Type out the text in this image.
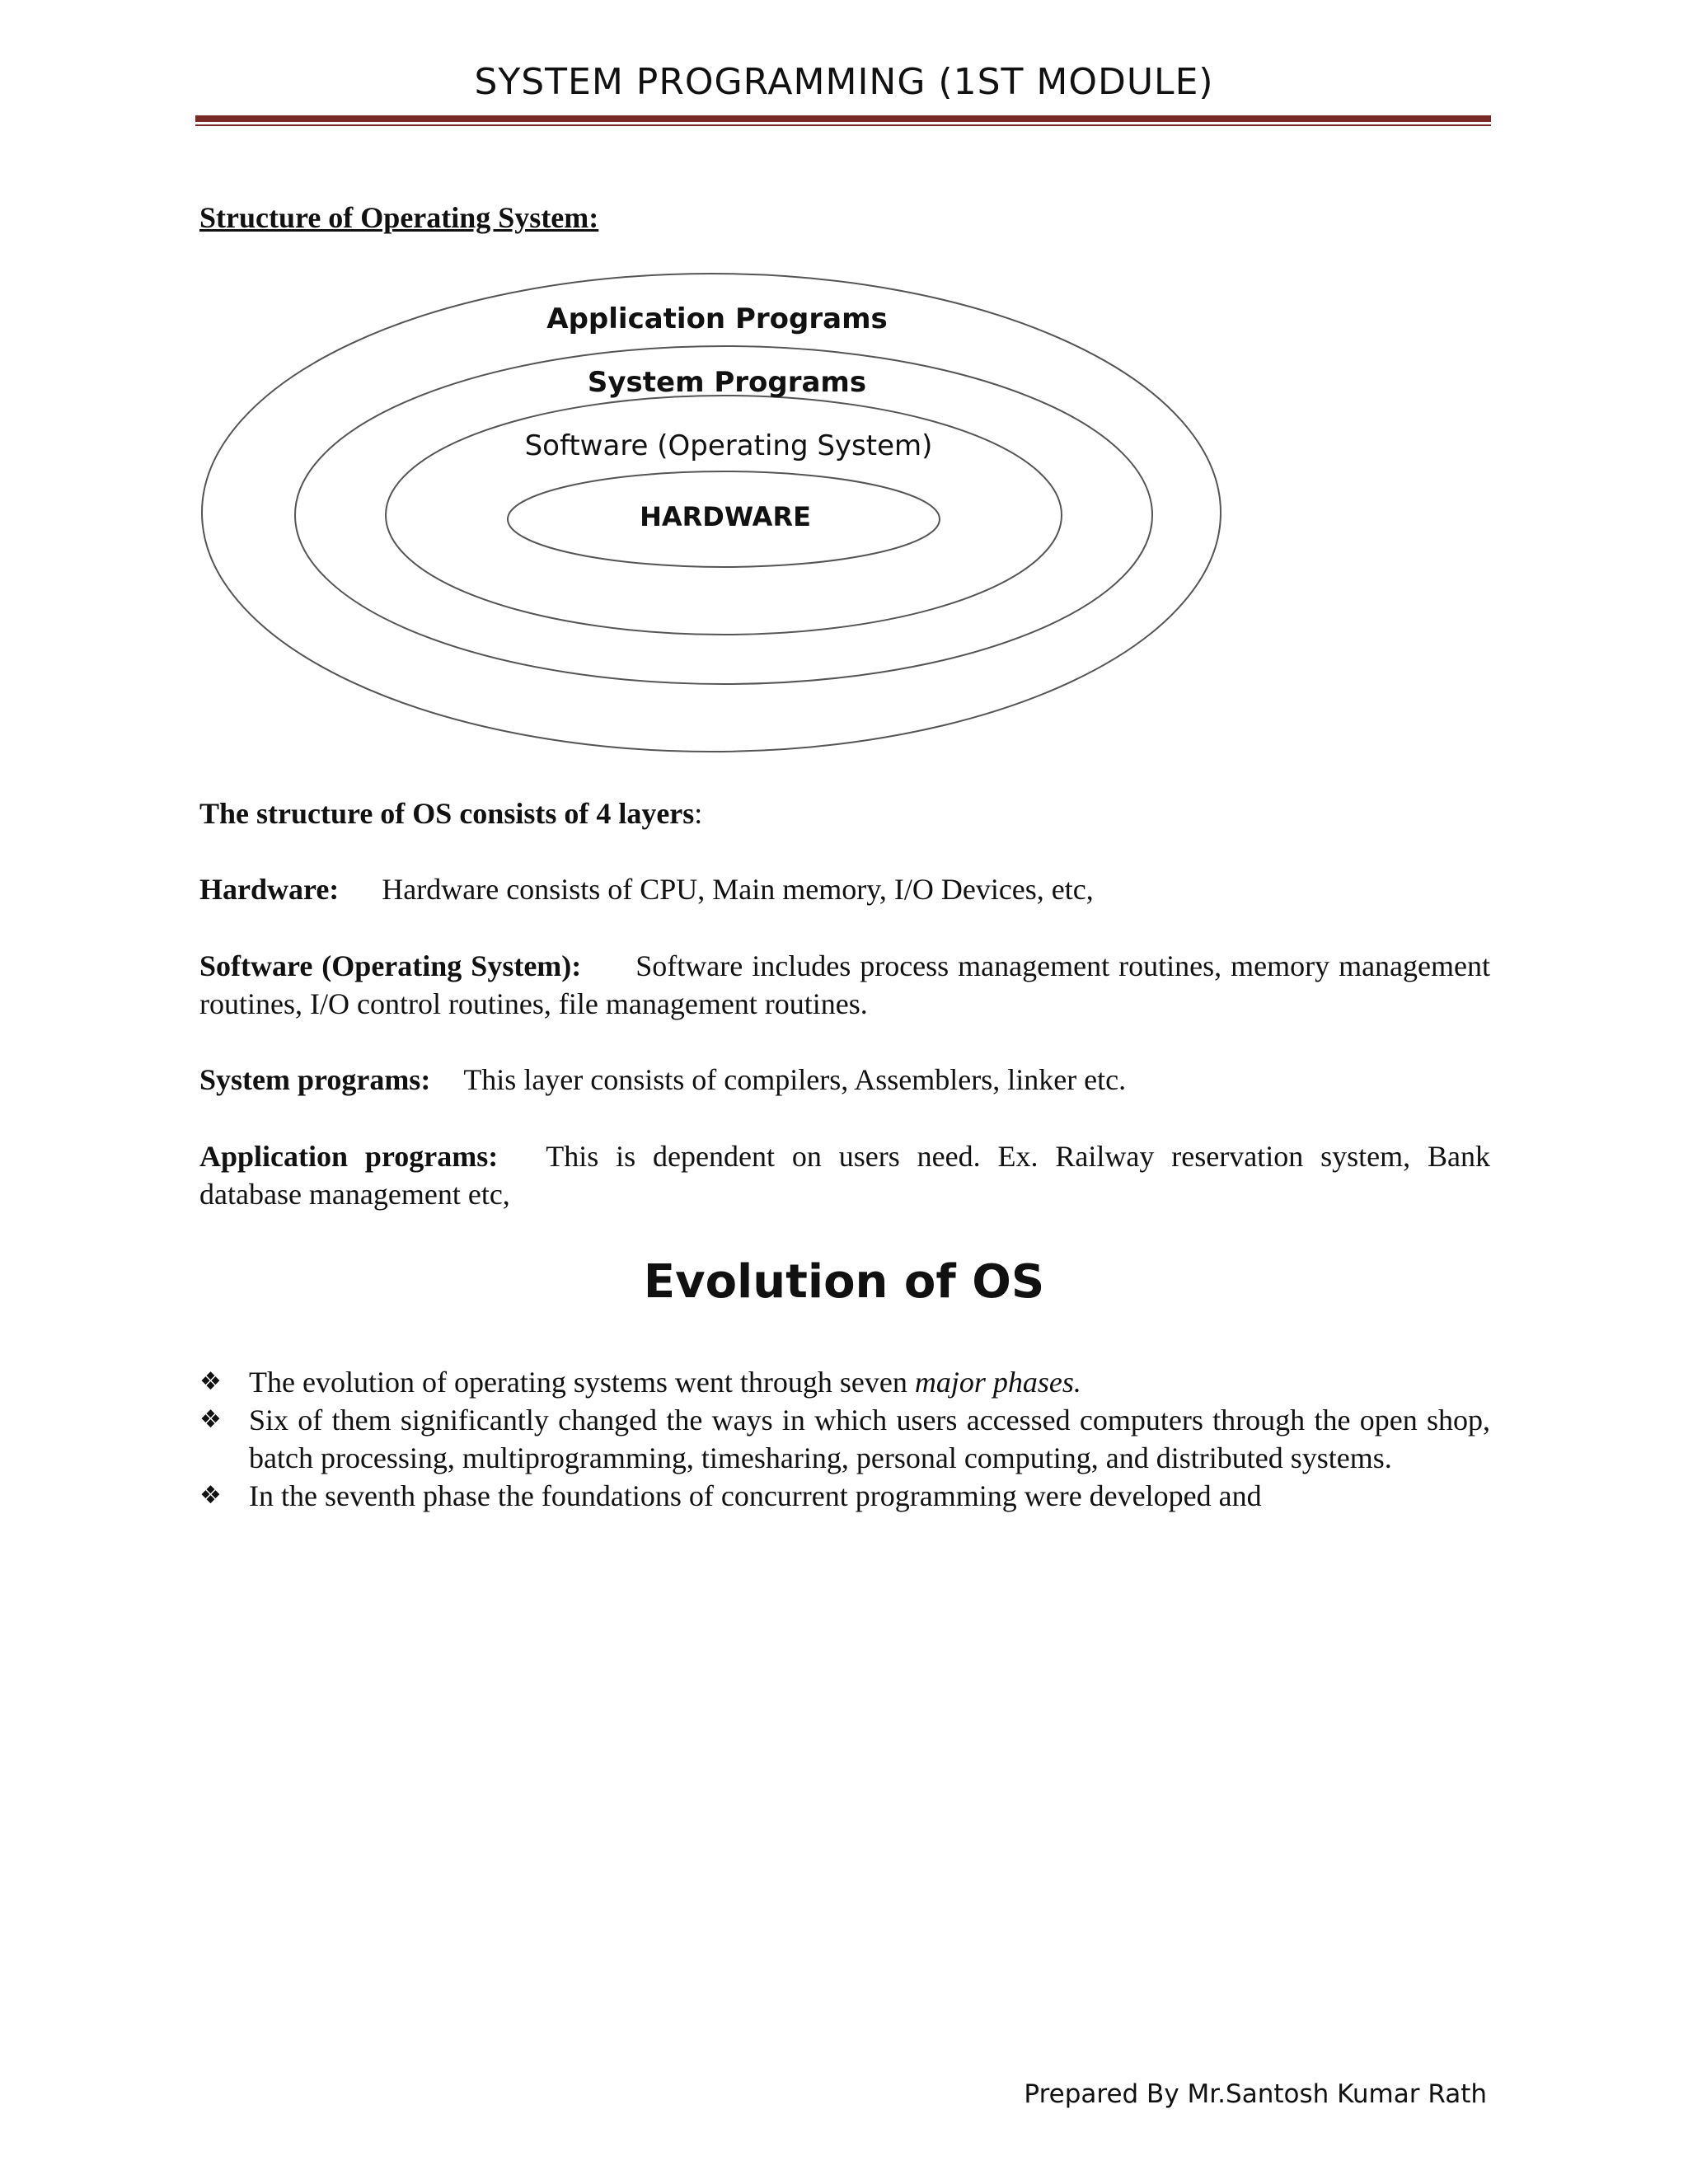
SYSTEM PROGRAMMING (1ST MODULE)
Structure of Operating System:
Application Programs
System Programs
Software (Operating System)
HARDWARE
The structure of OS consists of 4 layers:
Hardware: Hardware consists of CPU, Main memory, I/O Devices, etc,
Software (Operating System): Software includes process management routines, memory management routines, I/O control routines, file management routines.
System programs: This layer consists of compilers, Assemblers, linker etc.
Application programs: This is dependent on users need. Ex. Railway reservation system, Bank database management etc,
Evolution of OS
❖ The evolution of operating systems went through seven major phases.
❖ Six of them significantly changed the ways in which users accessed computers through the open shop, batch processing, multiprogramming, timesharing, personal computing, and distributed systems.
❖ In the seventh phase the foundations of concurrent programming were developed and
Prepared By Mr.Santosh Kumar Rath
